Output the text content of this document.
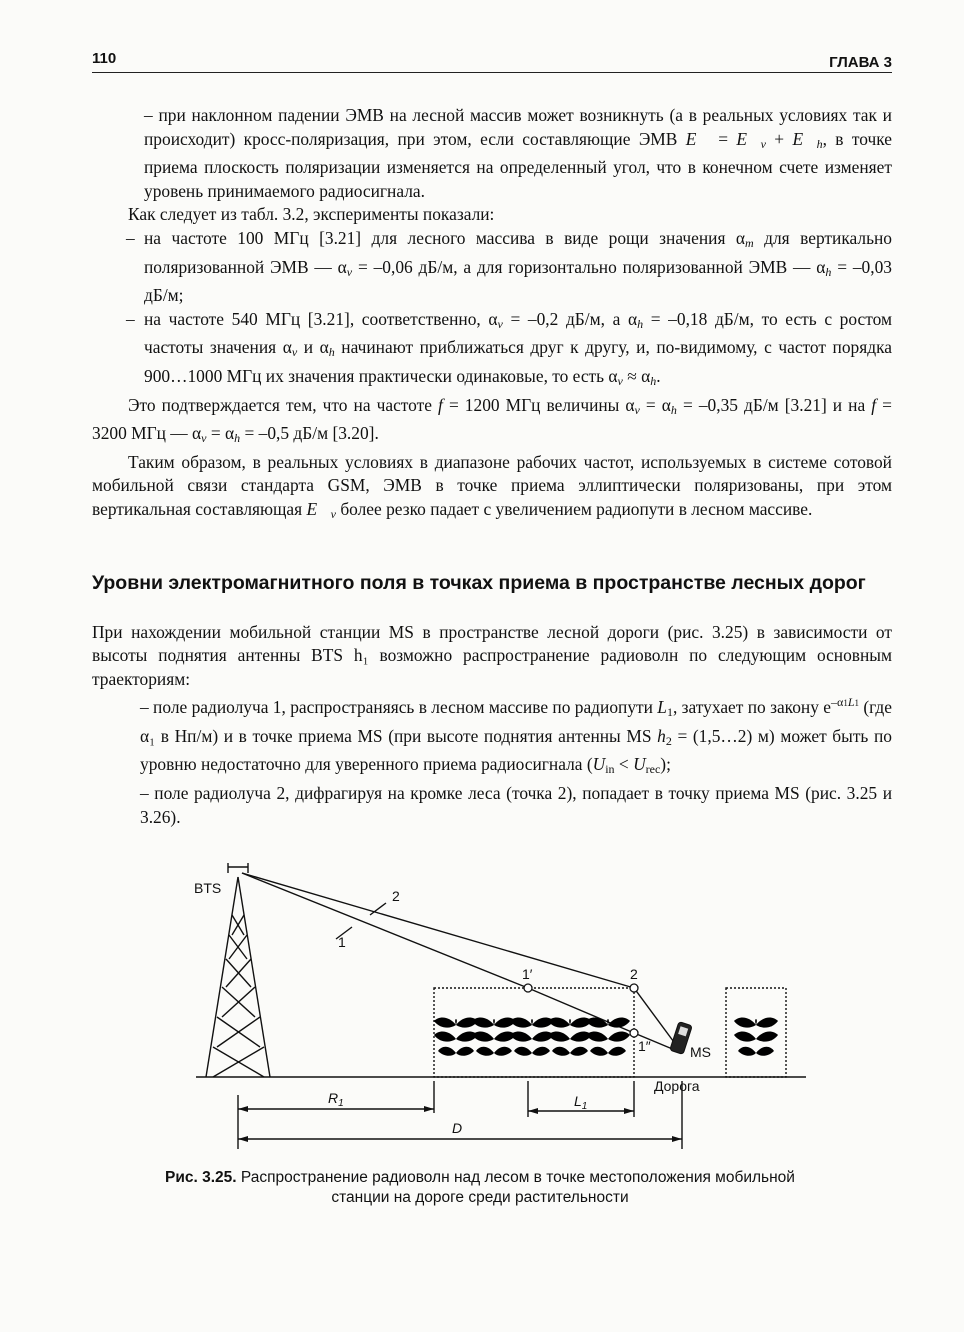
110	ГЛАВА 3

– при наклонном падении ЭМВ на лесной массив может возникнуть (а в реальных условиях так и происходит) кросс-поляризация, при этом, если составляющие ЭМВ E⃗ = $E⃗_v$ + $E⃗_h$, в точке приема плоскость поляризации изменяется на определенный угол, что в конечном счете изменяет уровень принимаемого радиосигнала.

Как следует из табл. 3.2, эксперименты показали:

– на частоте 100 МГц [3.21] для лесного массива в виде рощи значения $\alpha_m$ для вертикально поляризованной ЭМВ — $\alpha_v = -0,06$ дБ/м, а для горизонтально поляризованной ЭМВ — $\alpha_h = -0,03$ дБ/м;

– на частоте 540 МГц [3.21], соответственно, $\alpha_v = -0,2$ дБ/м, а $\alpha_h = -0,18$ дБ/м, то есть с ростом частоты значения $\alpha_v$ и $\alpha_h$ начинают приближаться друг к другу, и, по-видимому, с частот порядка 900…1000 МГц их значения практически одинаковые, то есть $\alpha_v \approx \alpha_h$.

Это подтверждается тем, что на частоте f = 1200 МГц величины $\alpha_v = \alpha_h = -0,35$ дБ/м [3.21] и на f = 3200 МГц — $\alpha_v = \alpha_h = -0,5$ дБ/м [3.20].

Таким образом, в реальных условиях в диапазоне рабочих частот, используемых в системе сотовой мобильной связи стандарта GSM, ЭМВ в точке приема эллиптически поляризованы, при этом вертикальная составляющая $E⃗_v$ более резко падает с увеличением радиопути в лесном массиве.

Уровни электромагнитного поля в точках приема в пространстве лесных дорог

При нахождении мобильной станции MS в пространстве лесной дороги (рис. 3.25) в зависимости от высоты поднятия антенны BTS h₁ возможно распространение радиоволн по следующим основным траекториям:

– поле радиолуча 1, распространяясь в лесном массиве по радиопути L1, затухает по закону $e^{-\alpha 1L1}$ (где α₁ в Нп/м) и в точке приема MS (при высоте поднятия антенны MS h2 = (1,5…2) м) может быть по уровню недостаточно для уверенного приема радиосигнала (Uin < Urec);

– поле радиолуча 2, дифрагируя на кромке леса (точка 2), попадает в точку приема MS (рис. 3.25 и 3.26).

BTS	2
1
1′	2
1″	MS
Дорога
$R_1$	$L_1$
D
Рис. 3.25. Распространение радиоволн над лесом в точке местоположения мобильной станции на дороге среди растительности
